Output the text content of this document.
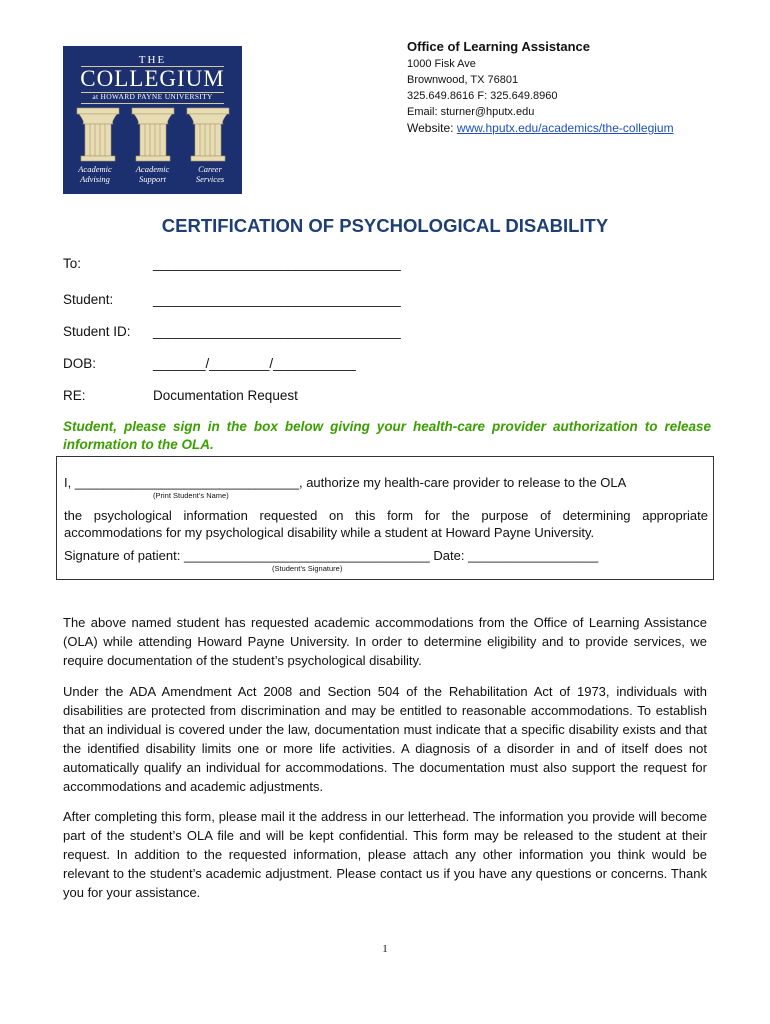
THE
COLLEGIUM
at HOWARD PAYNE UNIVERSITY
Academic
Advising
Academic
Support
Career
Services
Office of Learning Assistance
1000 Fisk Ave
Brownwood, TX 76801
325.649.8616 F: 325.649.8960
Email: sturner@hputx.edu
Website: www.hputx.edu/academics/the-collegium
CERTIFICATION OF PSYCHOLOGICAL DISABILITY
To:	_________________________________
Student:	_________________________________
Student ID: _________________________________
DOB:	_______/________/___________
RE:	Documentation Request
Student, please sign in the box below giving your health-care provider authorization to release information to the OLA.
I, _______________________________, authorize my health-care provider to release to the OLA
(Print Student’s Name)
the psychological information requested on this form for the purpose of determining appropriate accommodations for my psychological disability while a student at Howard Payne University.
Signature of patient: __________________________________ Date: __________________
(Student’s Signature)
The above named student has requested academic accommodations from the Office of Learning Assistance (OLA) while attending Howard Payne University. In order to determine eligibility and to provide services, we require documentation of the student’s psychological disability.
Under the ADA Amendment Act 2008 and Section 504 of the Rehabilitation Act of 1973, individuals with disabilities are protected from discrimination and may be entitled to reasonable accommodations. To establish that an individual is covered under the law, documentation must indicate that a specific disability exists and that the identified disability limits one or more life activities. A diagnosis of a disorder in and of itself does not automatically qualify an individual for accommodations. The documentation must also support the request for accommodations and academic adjustments.
After completing this form, please mail it the address in our letterhead. The information you provide will become part of the student’s OLA file and will be kept confidential. This form may be released to the student at their request. In addition to the requested information, please attach any other information you think would be relevant to the student’s academic adjustment. Please contact us if you have any questions or concerns. Thank you for your assistance.
1
